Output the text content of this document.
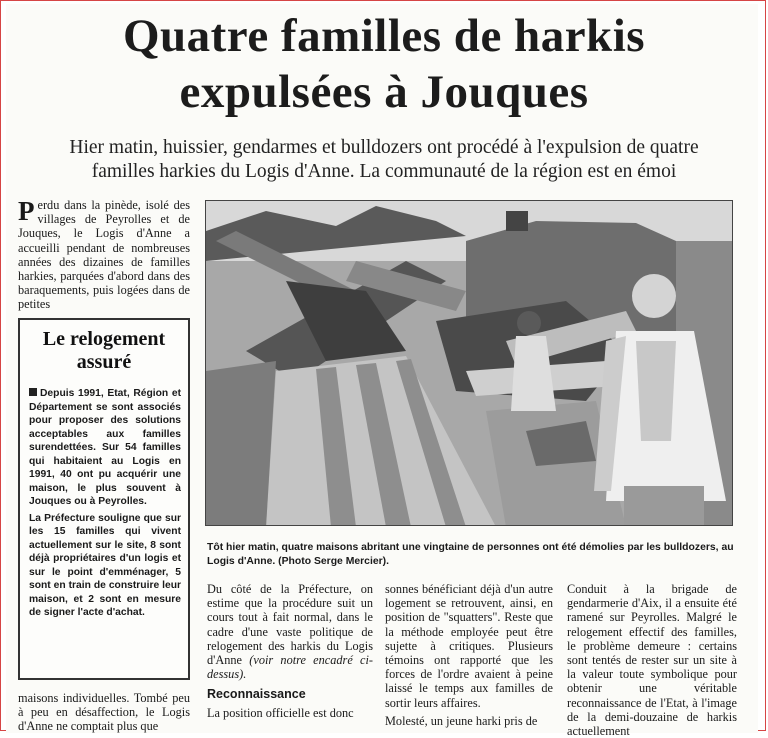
Quatre familles de harkis
expulsées à Jouques
Hier matin, huissier, gendarmes et bulldozers ont procédé à l'expulsion de quatre
familles harkies du Logis d'Anne. La communauté de la région est en émoi
Perdu dans la pinède, isolé des villages de Peyrolles et de Jouques, le Logis d'Anne a accueilli pendant de nombreuses années des dizaines de familles harkies, parquées d'abord dans des baraquements, puis logées dans de petites
Le relogement assuré

Depuis 1991, Etat, Région et Département se sont associés pour proposer des solutions acceptables aux familles surendettées. Sur 54 familles qui habitaient au Logis en 1991, 40 ont pu acquérir une maison, le plus souvent à Jouques ou à Peyrolles.

La Préfecture souligne que sur les 15 familles qui vivent actuellement sur le site, 8 sont déjà propriétaires d'un logis et sur le point d'emménager, 5 sont en train de construire leur maison, et 2 sont en mesure de signer l'acte d'achat.

maisons individuelles. Tombé peu à peu en désaffection, le Logis d'Anne ne comptait plus que
Tôt hier matin, quatre maisons abritant une vingtaine de personnes ont été démolies par les bulldozers, au Logis d'Anne. (Photo Serge Mercier).

Du côté de la Préfecture, on estime que la procédure suit un cours tout à fait normal, dans le cadre d'une vaste politique de relogement des harkis du Logis d'Anne (voir notre encadré ci-dessus).

Reconnaissance

La position officielle est donc

sonnes bénéficiant déjà d'un autre logement se retrouvent, ainsi, en position de "squatters". Reste que la méthode employée peut être sujette à critiques. Plusieurs témoins ont rapporté que les forces de l'ordre avaient à peine laissé le temps aux familles de sortir leurs affaires.

Molesté, un jeune harki pris de

Conduit à la brigade de gendarmerie d'Aix, il a ensuite été ramené sur Peyrolles. Malgré le relogement effectif des familles, le problème demeure : certains sont tentés de rester sur un site à la valeur toute symbolique pour obtenir une véritable reconnaissance de l'Etat, à l'image de la demi-douzaine de harkis actuellement
